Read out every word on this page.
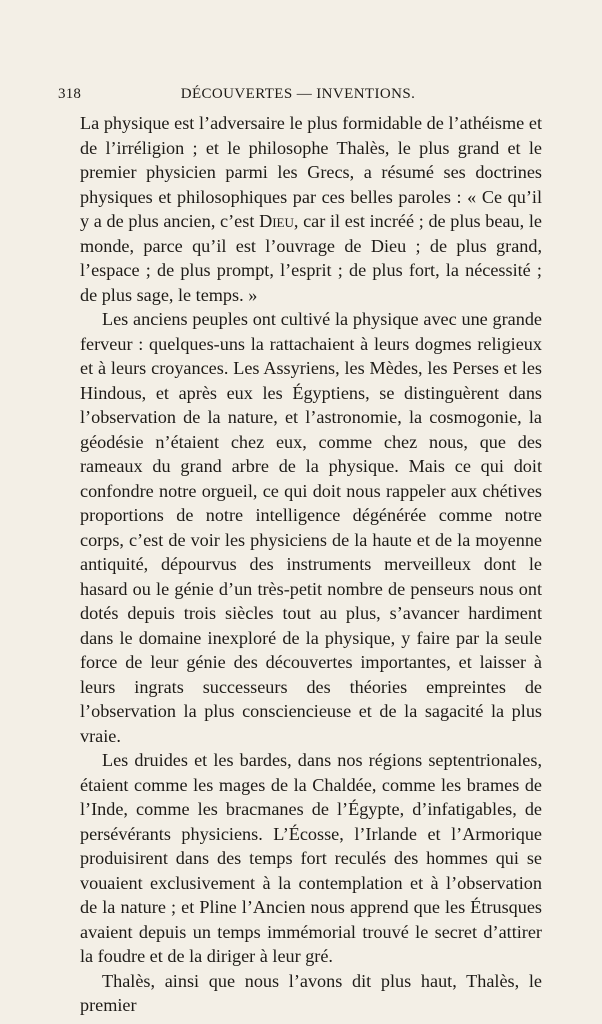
318	DÉCOUVERTES — INVENTIONS.

La physique est l’adversaire le plus formidable de l’athéisme et de l’irréligion ; et le philosophe Thalès, le plus grand et le premier physicien parmi les Grecs, a résumé ses doctrines physiques et philosophiques par ces belles paroles : « Ce qu’il y a de plus ancien, c’est Dieu, car il est incréé ; de plus beau, le monde, parce qu’il est l’ouvrage de Dieu ; de plus grand, l’espace ; de plus prompt, l’esprit ; de plus fort, la nécessité ; de plus sage, le temps. »

Les anciens peuples ont cultivé la physique avec une grande ferveur : quelques-uns la rattachaient à leurs dogmes religieux et à leurs croyances. Les Assyriens, les Mèdes, les Perses et les Hindous, et après eux les Égyptiens, se distinguèrent dans l’observation de la nature, et l’astronomie, la cosmogonie, la géodésie n’étaient chez eux, comme chez nous, que des rameaux du grand arbre de la physique. Mais ce qui doit confondre notre orgueil, ce qui doit nous rappeler aux chétives proportions de notre intelligence dégénérée comme notre corps, c’est de voir les physiciens de la haute et de la moyenne antiquité, dépourvus des instruments merveilleux dont le hasard ou le génie d’un très-petit nombre de penseurs nous ont dotés depuis trois siècles tout au plus, s’avancer hardiment dans le domaine inexploré de la physique, y faire par la seule force de leur génie des découvertes importantes, et laisser à leurs ingrats successeurs des théories empreintes de l’observation la plus consciencieuse et de la sagacité la plus vraie.

Les druides et les bardes, dans nos régions septentrionales, étaient comme les mages de la Chaldée, comme les brames de l’Inde, comme les bracmanes de l’Égypte, d’infatigables, de persévérants physiciens. L’Écosse, l’Irlande et l’Armorique produisirent dans des temps fort reculés des hommes qui se vouaient exclusivement à la contemplation et à l’observation de la nature ; et Pline l’Ancien nous apprend que les Étrusques avaient depuis un temps immémorial trouvé le secret d’attirer la foudre et de la diriger à leur gré.

Thalès, ainsi que nous l’avons dit plus haut, Thalès, le premier
